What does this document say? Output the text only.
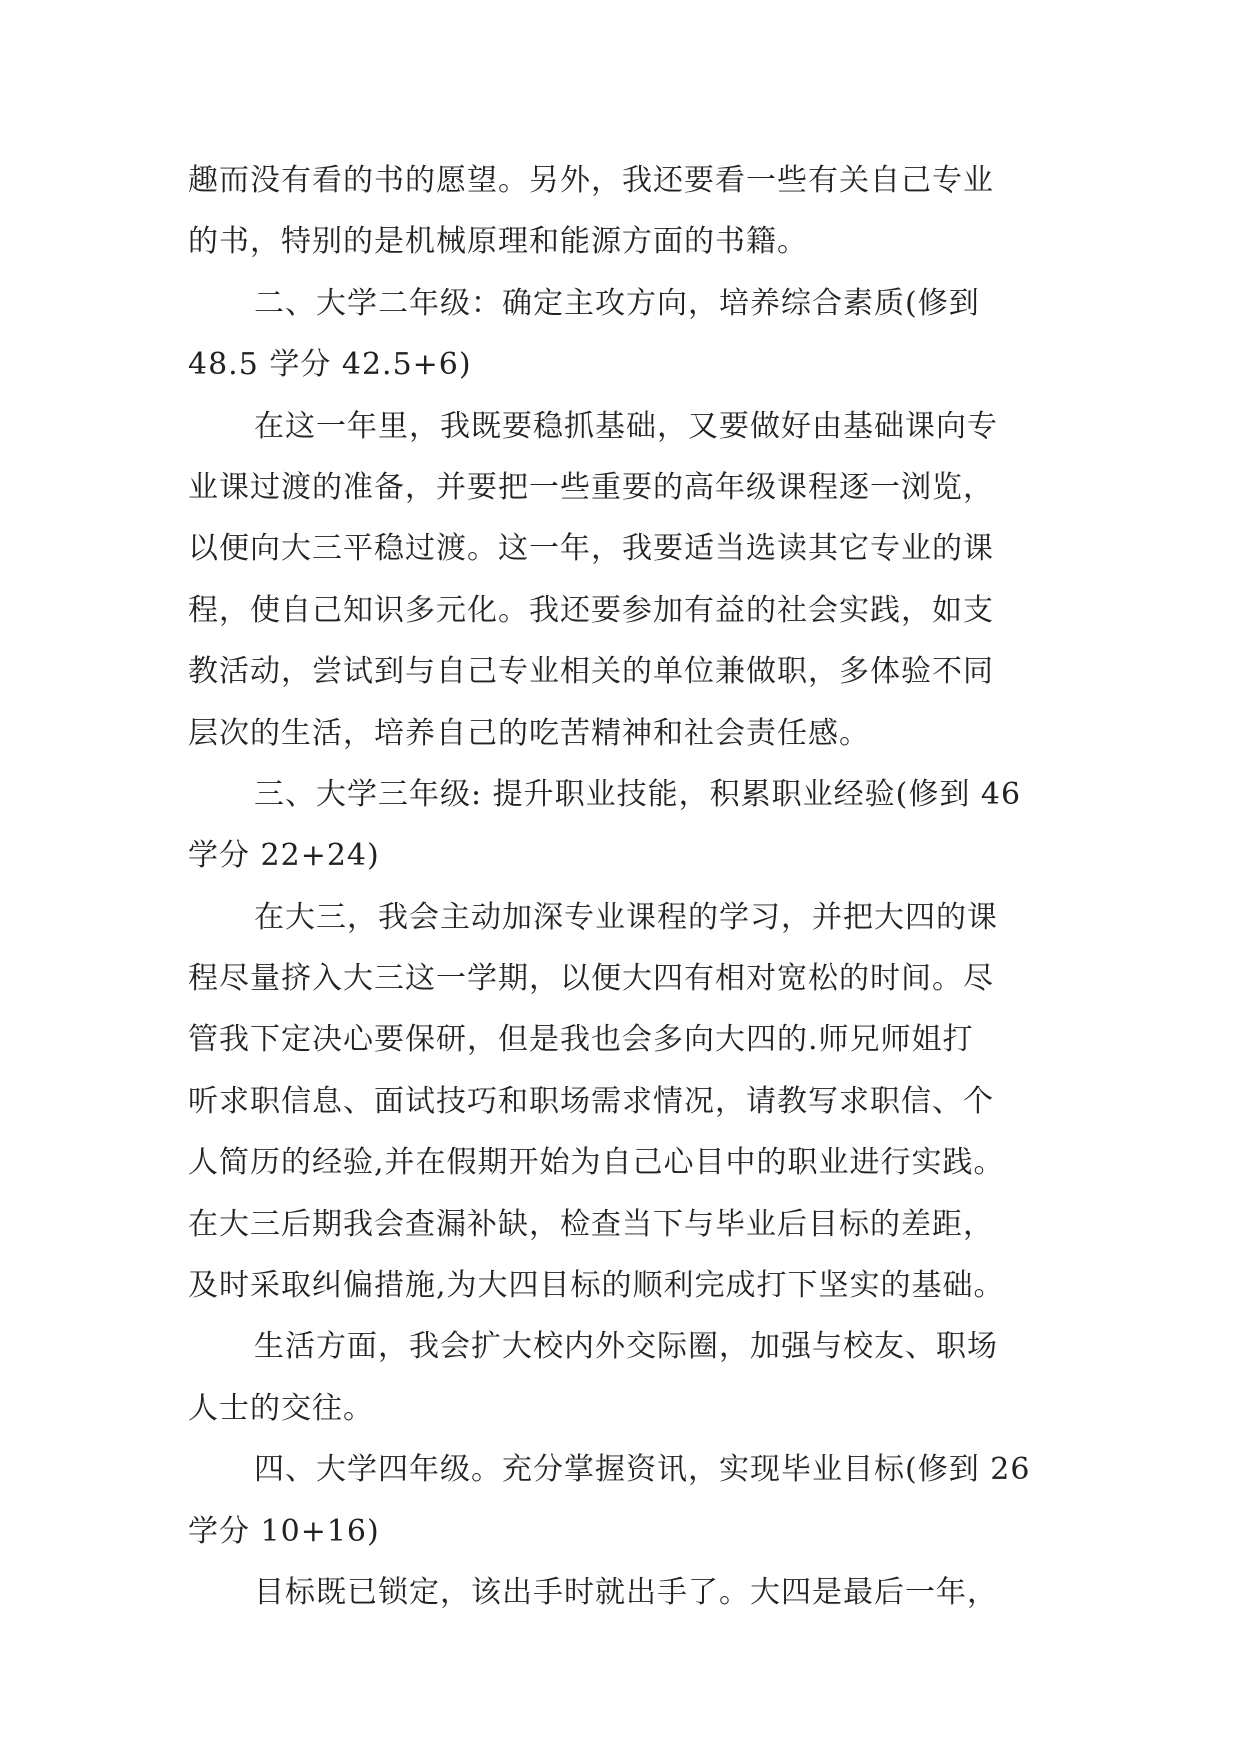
趣而没有看的书的愿望。另外，我还要看一些有关自己专业
的书，特别的是机械原理和能源方面的书籍。
二、大学二年级：确定主攻方向，培养综合素质(修到
48.5 学分 42.5+6)
在这一年里，我既要稳抓基础，又要做好由基础课向专
业课过渡的准备，并要把一些重要的高年级课程逐一浏览，
以便向大三平稳过渡。这一年，我要适当选读其它专业的课
程，使自己知识多元化。我还要参加有益的社会实践，如支
教活动，尝试到与自己专业相关的单位兼做职，多体验不同
层次的生活，培养自己的吃苦精神和社会责任感。
三、大学三年级: 提升职业技能，积累职业经验(修到 46
学分 22+24)
在大三，我会主动加深专业课程的学习，并把大四的课
程尽量挤入大三这一学期，以便大四有相对宽松的时间。尽
管我下定决心要保研，但是我也会多向大四的.师兄师姐打
听求职信息、面试技巧和职场需求情况，请教写求职信、个
人简历的经验,并在假期开始为自己心目中的职业进行实践。
在大三后期我会查漏补缺，检查当下与毕业后目标的差距，
及时采取纠偏措施,为大四目标的顺利完成打下坚实的基础。
生活方面，我会扩大校内外交际圈，加强与校友、职场
人士的交往。
四、大学四年级。充分掌握资讯，实现毕业目标(修到 26
学分 10+16)
目标既已锁定，该出手时就出手了。大四是最后一年，
